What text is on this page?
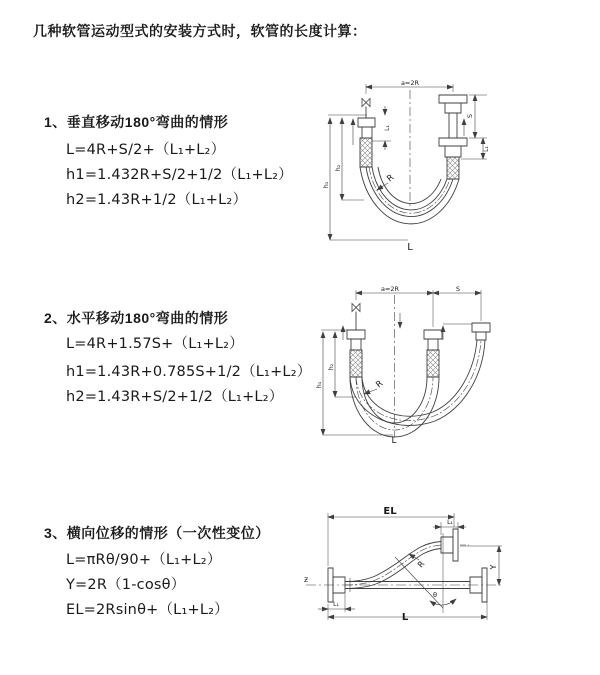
几种软管运动型式的安装方式时，软管的长度计算：
1、垂直移动180°弯曲的情形
L=4R+S/2+（L₁+L₂）
h1=1.432R+S/2+1/2（L₁+L₂）
h2=1.43R+1/2（L₁+L₂）
2、水平移动180°弯曲的情形
L=4R+1.57S+（L₁+L₂）
h1=1.43R+0.785S+1/2（L₁+L₂）
h2=1.43R+S/2+1/2（L₁+L₂）
3、横向位移的情形（一次性变位）
L=πRθ/90+（L₁+L₂）
Y=2R（1-cosθ）
EL=2Rsinθ+（L₁+L₂）
a=2R
L₁
S
L₁
h₁
h₂
R
L
a=2R	S
h₁
h₂
R
L
Ƶ
EL
L₁
Y
R
θ
L₁
L
